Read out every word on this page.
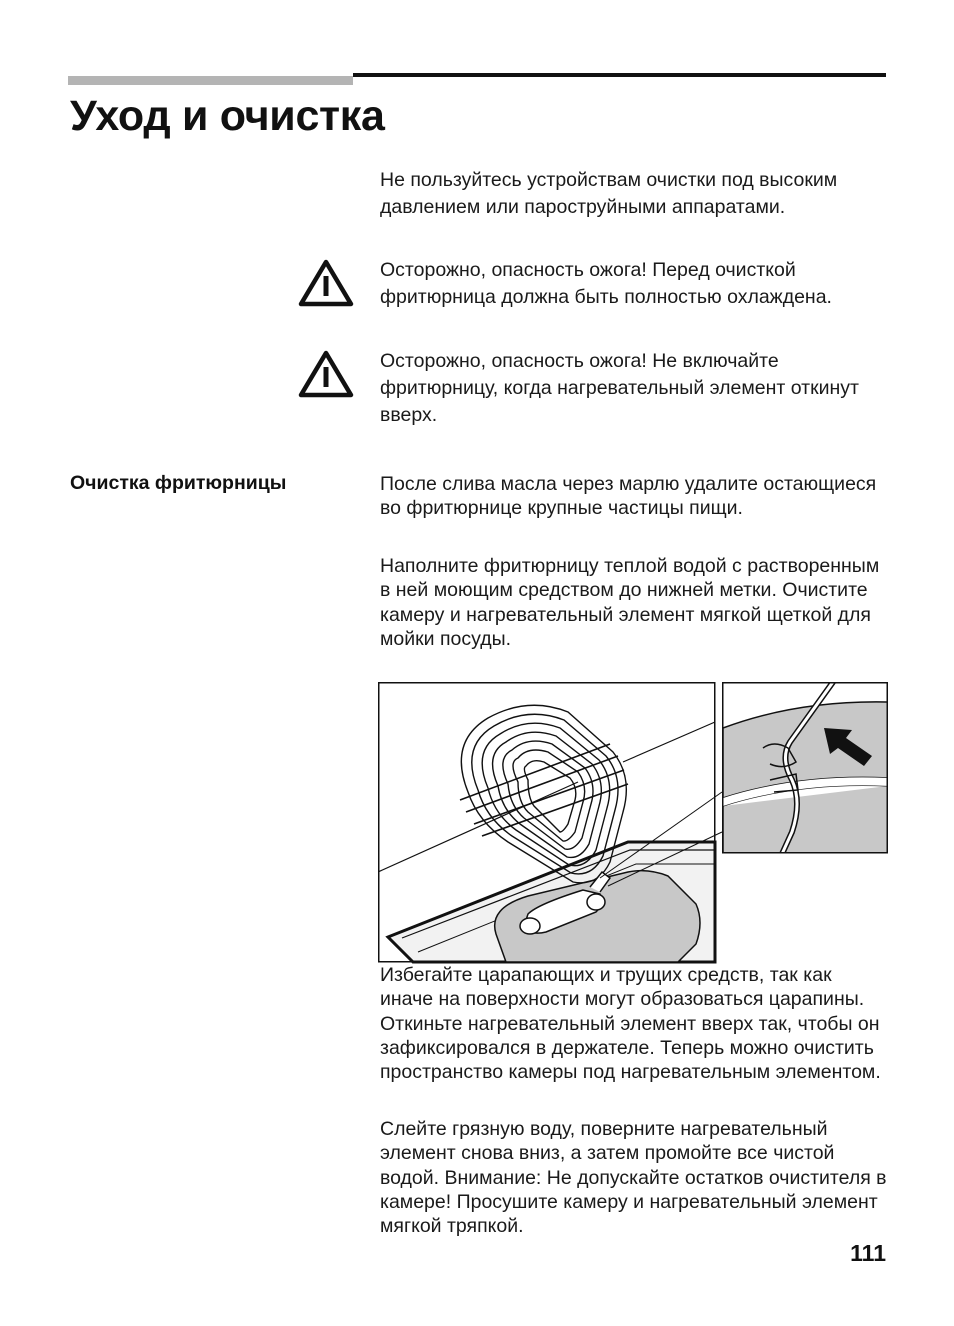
Уход и очистка

Не пользуйтесь устройствам очистки под высоким давлением или пароструйными аппаратами.

Осторожно, опасность ожога! Перед очисткой фритюрница должна быть полностью охлаждена.

Осторожно, опасность ожога! Не включайте фритюрницу, когда нагревательный элемент откинут вверх.

Очистка фритюрницы	После слива масла через марлю удалите остающиеся во фритюрнице крупные частицы пищи.

Наполните фритюрницу теплой водой с растворенным в ней моющим средством до нижней метки. Очистите камеру и нагревательный элемент мягкой щеткой для мойки посуды.

Избегайте царапающих и трущих средств, так как иначе на поверхности могут образоваться царапины. Откиньте нагревательный элемент вверх так, чтобы он зафиксировался в держателе. Теперь можно очистить пространство камеры под нагревательным элементом.

Слейте грязную воду, поверните нагревательный элемент снова вниз, а затем промойте все чистой водой. Внимание: Не допускайте остатков очистителя в камере! Просушите камеру и нагревательный элемент мягкой тряпкой.

111
